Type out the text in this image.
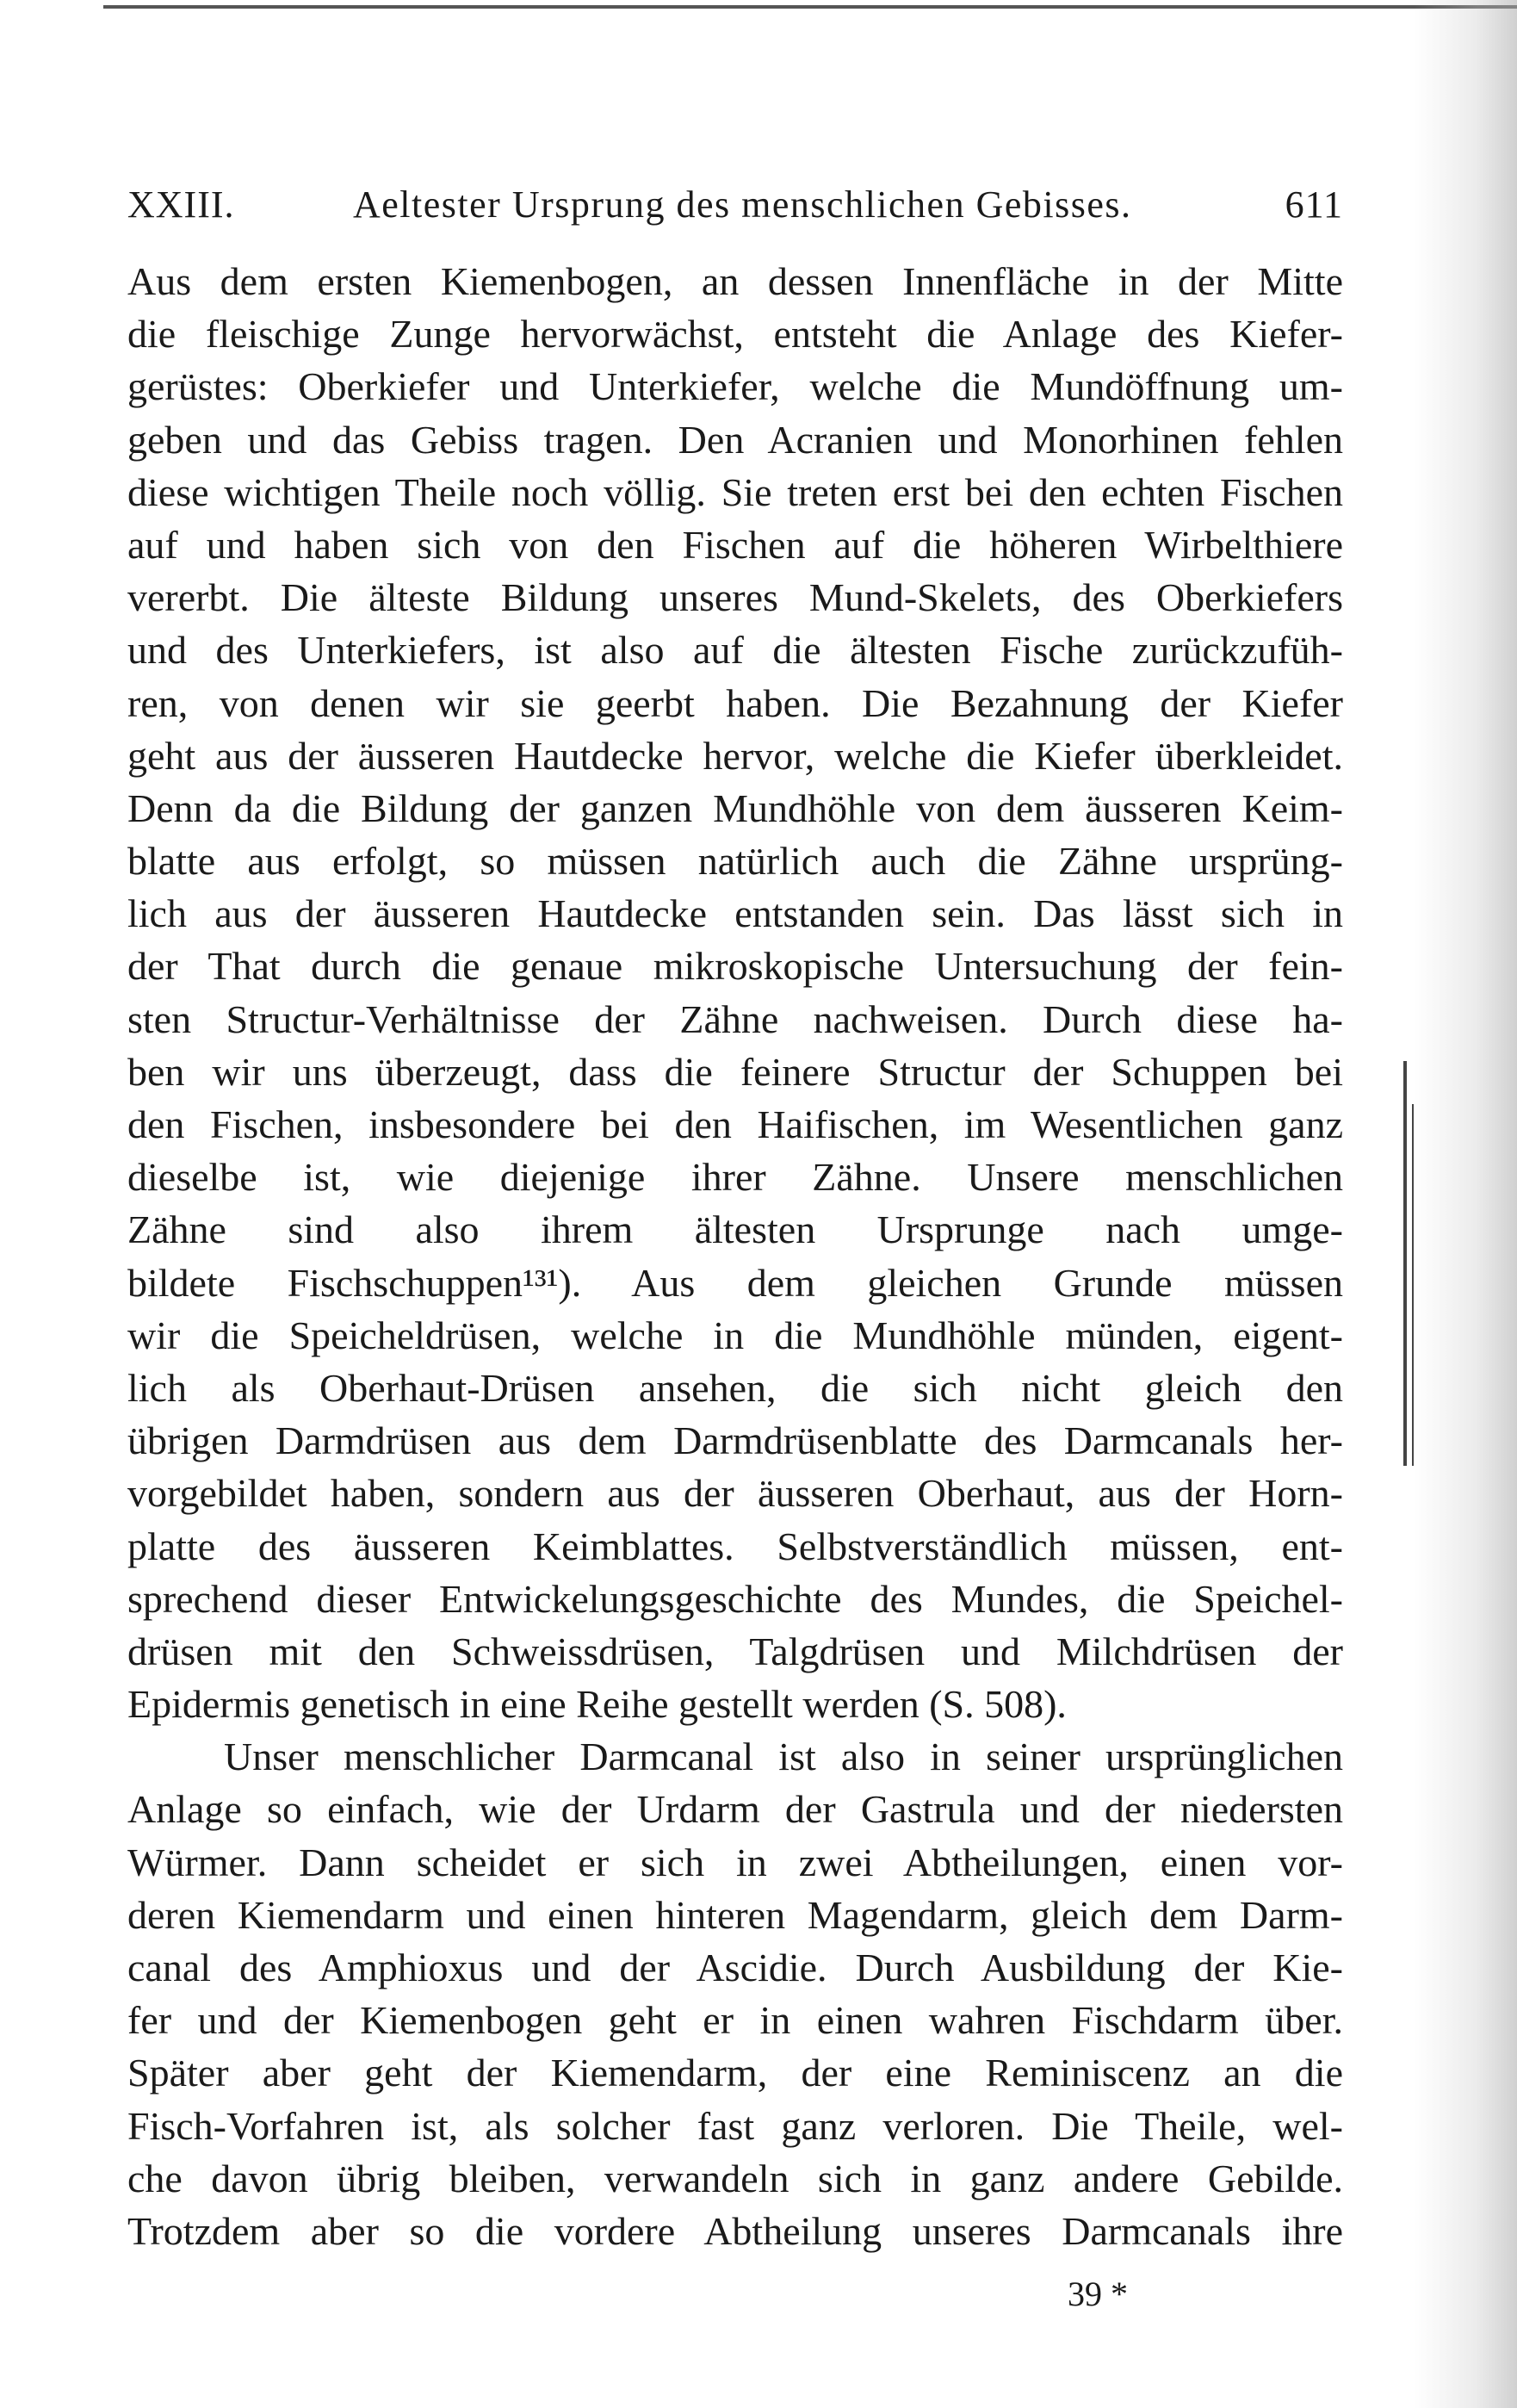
XXIII.	Aeltester Ursprung des menschlichen Gebisses.	611
Aus dem ersten Kiemenbogen, an dessen Innenfläche in der Mitte
die fleischige Zunge hervorwächst, entsteht die Anlage des Kiefer-
gerüstes: Oberkiefer und Unterkiefer, welche die Mundöffnung um-
geben und das Gebiss tragen. Den Acranien und Monorhinen fehlen
diese wichtigen Theile noch völlig. Sie treten erst bei den echten Fischen
auf und haben sich von den Fischen auf die höheren Wirbelthiere
vererbt. Die älteste Bildung unseres Mund-Skelets, des Oberkiefers
und des Unterkiefers, ist also auf die ältesten Fische zurückzufüh-
ren, von denen wir sie geerbt haben. Die Bezahnung der Kiefer
geht aus der äusseren Hautdecke hervor, welche die Kiefer überkleidet.
Denn da die Bildung der ganzen Mundhöhle von dem äusseren Keim-
blatte aus erfolgt, so müssen natürlich auch die Zähne ursprüng-
lich aus der äusseren Hautdecke entstanden sein. Das lässt sich in
der That durch die genaue mikroskopische Untersuchung der fein-
sten Structur-Verhältnisse der Zähne nachweisen. Durch diese ha-
ben wir uns überzeugt, dass die feinere Structur der Schuppen bei
den Fischen, insbesondere bei den Haifischen, im Wesentlichen ganz
dieselbe ist, wie diejenige ihrer Zähne. Unsere menschlichen
Zähne sind also ihrem ältesten Ursprunge nach umge-
bildete Fischschuppen¹³¹). Aus dem gleichen Grunde müssen
wir die Speicheldrüsen, welche in die Mundhöhle münden, eigent-
lich als Oberhaut-Drüsen ansehen, die sich nicht gleich den
übrigen Darmdrüsen aus dem Darmdrüsenblatte des Darmcanals her-
vorgebildet haben, sondern aus der äusseren Oberhaut, aus der Horn-
platte des äusseren Keimblattes. Selbstverständlich müssen, ent-
sprechend dieser Entwickelungsgeschichte des Mundes, die Speichel-
drüsen mit den Schweissdrüsen, Talgdrüsen und Milchdrüsen der
Epidermis genetisch in eine Reihe gestellt werden (S. 508).
Unser menschlicher Darmcanal ist also in seiner ursprünglichen
Anlage so einfach, wie der Urdarm der Gastrula und der niedersten
Würmer. Dann scheidet er sich in zwei Abtheilungen, einen vor-
deren Kiemendarm und einen hinteren Magendarm, gleich dem Darm-
canal des Amphioxus und der Ascidie. Durch Ausbildung der Kie-
fer und der Kiemenbogen geht er in einen wahren Fischdarm über.
Später aber geht der Kiemendarm, der eine Reminiscenz an die
Fisch-Vorfahren ist, als solcher fast ganz verloren. Die Theile, wel-
che davon übrig bleiben, verwandeln sich in ganz andere Gebilde.
Trotzdem aber so die vordere Abtheilung unseres Darmcanals ihre
39 *
